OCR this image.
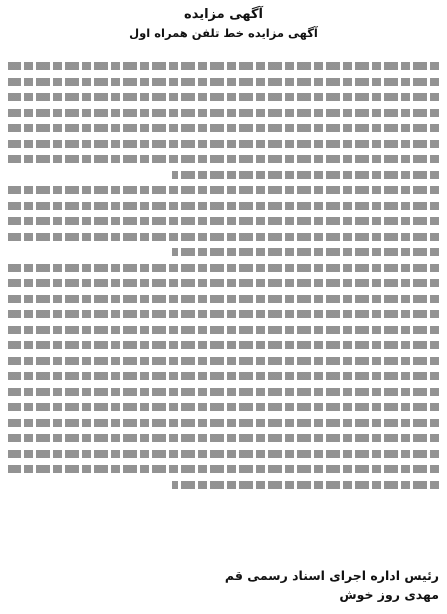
آگهی مزایده
آگهی مزایده خط تلفن همراه اول
رئیس اداره اجرای اسناد رسمی قم
مهدی روز خوش
